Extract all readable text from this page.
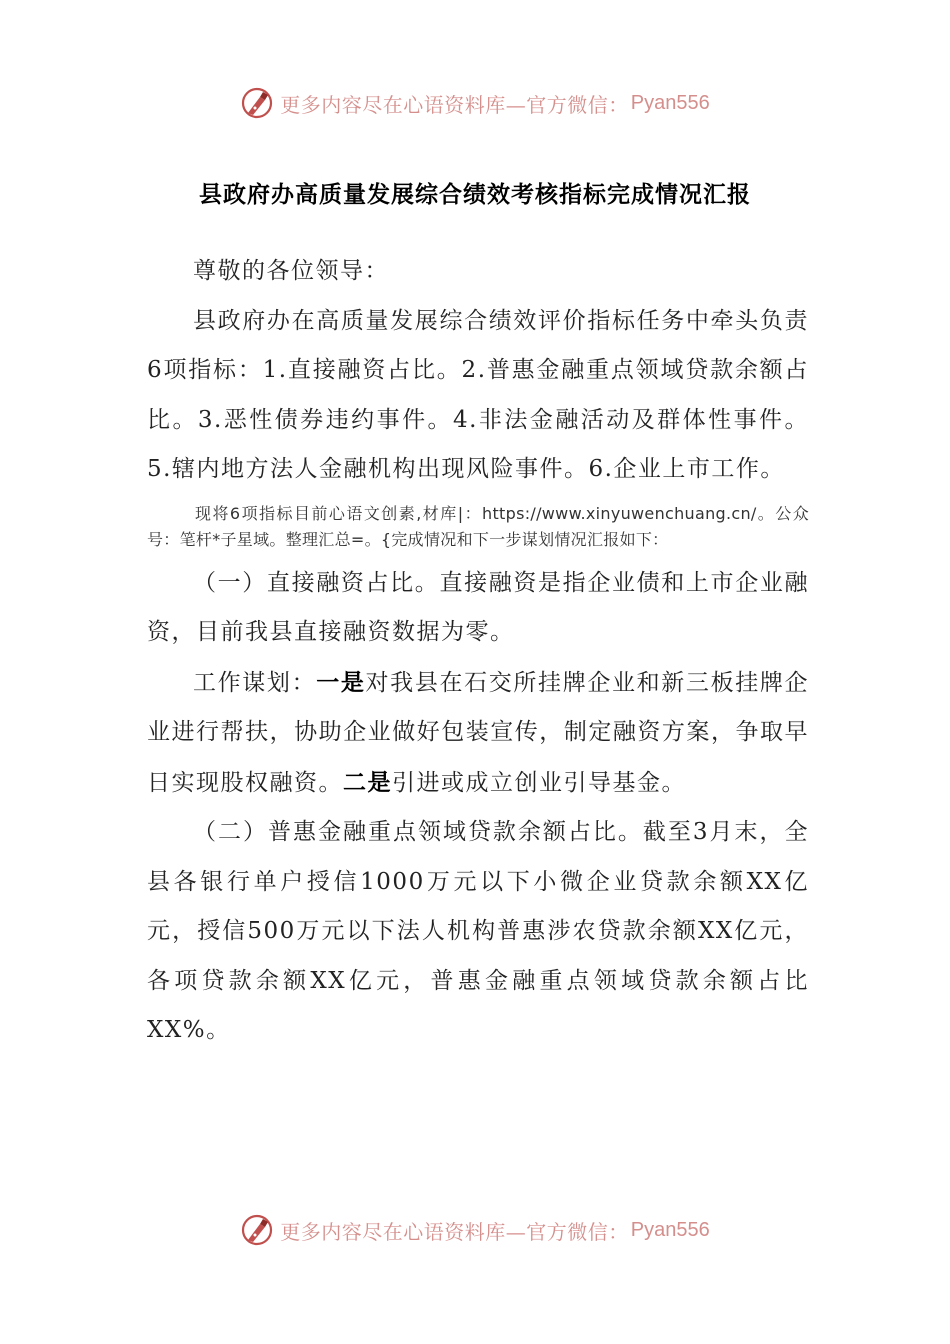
更多内容尽在心语资料库—官方微信： Pyan556
县政府办高质量发展综合绩效考核指标完成情况汇报

尊敬的各位领导：

县政府办在高质量发展综合绩效评价指标任务中牵头负责6项指标：1.直接融资占比。2.普惠金融重点领域贷款余额占比。3.恶性债券违约事件。4.非法金融活动及群体性事件。5.辖内地方法人金融机构出现风险事件。6.企业上市工作。

现将6项指标目前心语文创素,材库|：https://www.xinyuwenchuang.cn/。公众号：笔杆*子星域。整理汇总=。{完成情况和下一步谋划情况汇报如下：

（一）直接融资占比。直接融资是指企业债和上市企业融资，目前我县直接融资数据为零。

工作谋划：一是对我县在石交所挂牌企业和新三板挂牌企业进行帮扶，协助企业做好包装宣传，制定融资方案，争取早日实现股权融资。二是引进或成立创业引导基金。

（二）普惠金融重点领域贷款余额占比。截至3月末，全县各银行单户授信1000万元以下小微企业贷款余额XX亿元，授信500万元以下法人机构普惠涉农贷款余额XX亿元，各项贷款余额XX亿元，普惠金融重点领域贷款余额占比XX%。

更多内容尽在心语资料库—官方微信： Pyan556
